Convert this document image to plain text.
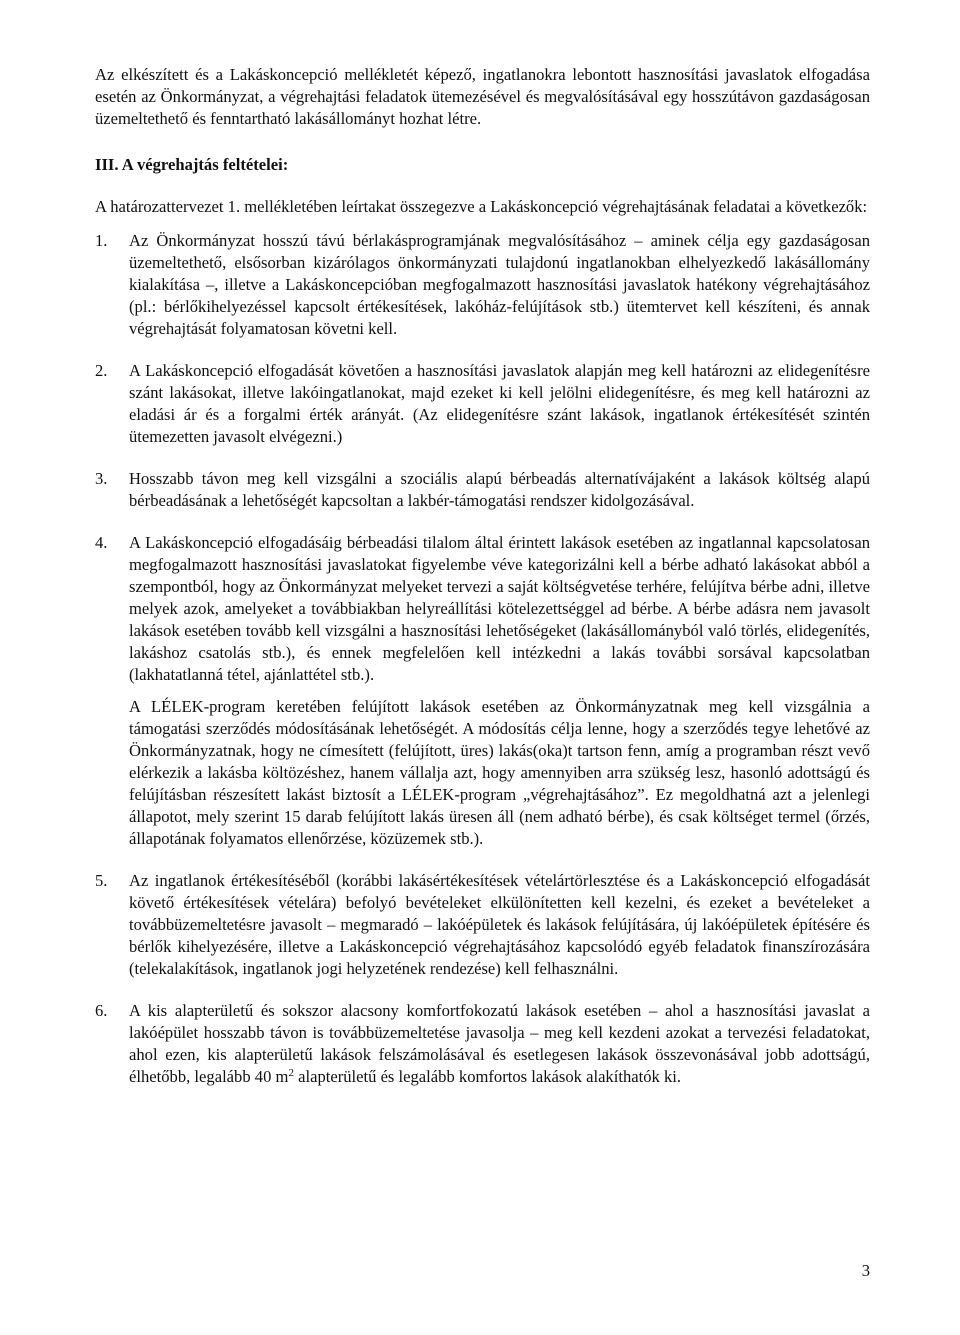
Az elkészített és a Lakáskoncepció mellékletét képező, ingatlanokra lebontott hasznosítási javaslatok elfogadása esetén az Önkormányzat, a végrehajtási feladatok ütemezésével és megvalósításával egy hosszútávon gazdaságosan üzemeltethető és fenntartható lakásállományt hozhat létre.

III. A végrehajtás feltételei:

A határozattervezet 1. mellékletében leírtakat összegezve a Lakáskoncepció végrehajtásának feladatai a következők:

1. Az Önkormányzat hosszú távú bérlakásprogramjának megvalósításához – aminek célja egy gazdaságosan üzemeltethető, elsősorban kizárólagos önkormányzati tulajdonú ingatlanokban elhelyezkedő lakásállomány kialakítása –, illetve a Lakáskoncepcióban megfogalmazott hasznosítási javaslatok hatékony végrehajtásához (pl.: bérlőkihelyezéssel kapcsolt értékesítések, lakóház-felújítások stb.) ütemtervet kell készíteni, és annak végrehajtását folyamatosan követni kell.

2. A Lakáskoncepció elfogadását követően a hasznosítási javaslatok alapján meg kell határozni az elidegenítésre szánt lakásokat, illetve lakóingatlanokat, majd ezeket ki kell jelölni elidegenítésre, és meg kell határozni az eladási ár és a forgalmi érték arányát. (Az elidegenítésre szánt lakások, ingatlanok értékesítését szintén ütemezetten javasolt elvégezni.)

3. Hosszabb távon meg kell vizsgálni a szociális alapú bérbeadás alternatívájaként a lakások költség alapú bérbeadásának a lehetőségét kapcsoltan a lakbér-támogatási rendszer kidolgozásával.

4. A Lakáskoncepció elfogadásáig bérbeadási tilalom által érintett lakások esetében az ingatlannal kapcsolatosan megfogalmazott hasznosítási javaslatokat figyelembe véve kategorizálni kell a bérbe adható lakásokat abból a szempontból, hogy az Önkormányzat melyeket tervezi a saját költségvetése terhére, felújítva bérbe adni, illetve melyek azok, amelyeket a továbbiakban helyreállítási kötelezettséggel ad bérbe. A bérbe adásra nem javasolt lakások esetében tovább kell vizsgálni a hasznosítási lehetőségeket (lakásállományból való törlés, elidegenítés, lakáshoz csatolás stb.), és ennek megfelelően kell intézkedni a lakás további sorsával kapcsolatban (lakhatatlanná tétel, ajánlattétel stb.).

A LÉLEK-program keretében felújított lakások esetében az Önkormányzatnak meg kell vizsgálnia a támogatási szerződés módosításának lehetőségét. A módosítás célja lenne, hogy a szerződés tegye lehetővé az Önkormányzatnak, hogy ne címesített (felújított, üres) lakás(oka)t tartson fenn, amíg a programban részt vevő elérkezik a lakásba költözéshez, hanem vállalja azt, hogy amennyiben arra szükség lesz, hasonló adottságú és felújításban részesített lakást biztosít a LÉLEK-program „végrehajtásához”. Ez megoldhatná azt a jelenlegi állapotot, mely szerint 15 darab felújított lakás üresen áll (nem adható bérbe), és csak költséget termel (őrzés, állapotának folyamatos ellenőrzése, közüzemek stb.).

5. Az ingatlanok értékesítéséből (korábbi lakásértékesítések vételártörlesztése és a Lakáskoncepció elfogadását követő értékesítések vételára) befolyó bevételeket elkülönítetten kell kezelni, és ezeket a bevételeket a továbbüzemeltetésre javasolt – megmaradó – lakóépületek és lakások felújítására, új lakóépületek építésére és bérlők kihelyezésére, illetve a Lakáskoncepció végrehajtásához kapcsolódó egyéb feladatok finanszírozására (telekalakítások, ingatlanok jogi helyzetének rendezése) kell felhasználni.

6. A kis alapterületű és sokszor alacsony komfortfokozatú lakások esetében – ahol a hasznosítási javaslat a lakóépület hosszabb távon is továbbüzemeltetése javasolja – meg kell kezdeni azokat a tervezési feladatokat, ahol ezen, kis alapterületű lakások felszámolásával és esetlegesen lakások összevonásával jobb adottságú, élhetőbb, legalább 40 $m^2$ alapterületű és legalább komfortos lakások alakíthatók ki.

3
